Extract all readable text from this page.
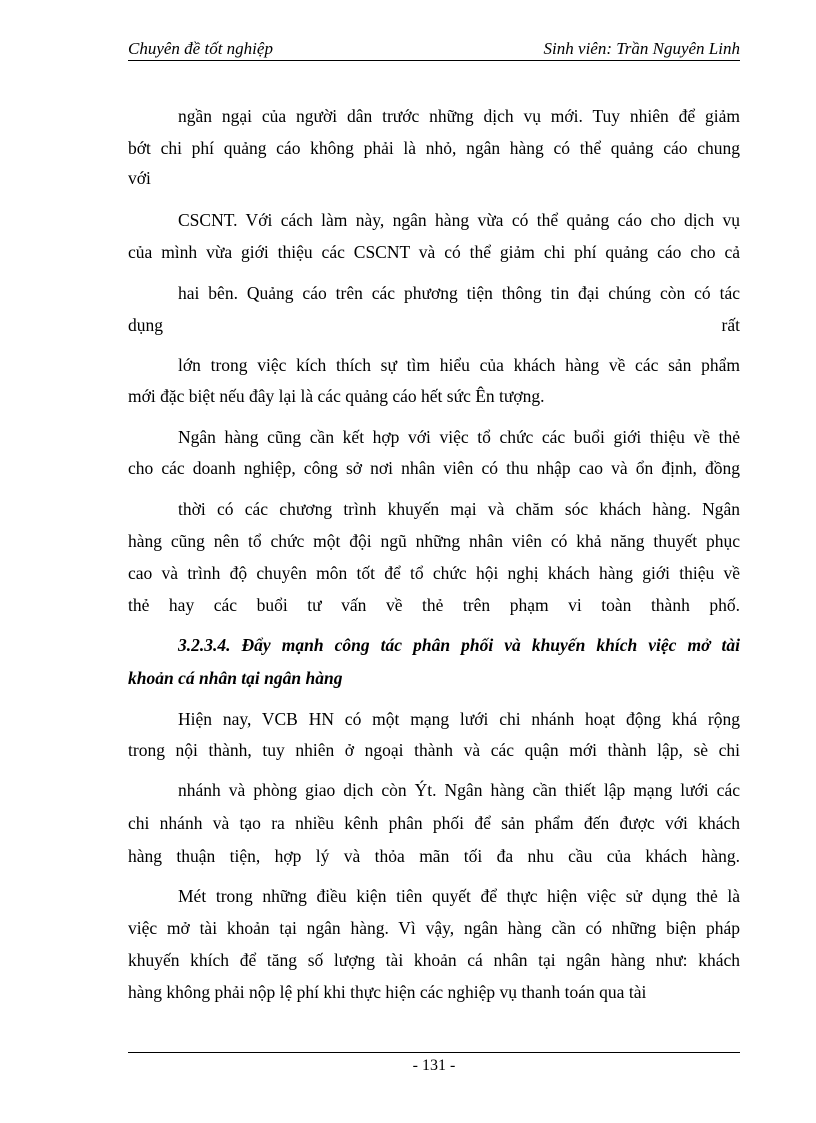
Chuyên đề tốt nghiệp	Sinh viên: Trần Nguyên Linh
ngần ngại của người dân trước những dịch vụ mới. Tuy nhiên để giảm
bớt chi phí quảng cáo không phải là nhỏ, ngân hàng có thể quảng cáo chung
với
CSCNT. Với cách làm này, ngân hàng vừa có thể quảng cáo cho dịch vụ
của mình vừa giới thiệu các CSCNT và có thể giảm chi phí quảng cáo cho cả
hai bên. Quảng cáo trên các phương tiện thông tin đại chúng còn có tác
dụng	rất
lớn trong việc kích thích sự tìm hiểu của khách hàng về các sản phẩm
mới đặc biệt nếu đây lại là các quảng cáo hết sức Ên tượng.
Ngân hàng cũng cần kết hợp với việc tổ chức các buổi giới thiệu về thẻ
cho các doanh nghiệp, công sở nơi nhân viên có thu nhập cao và ổn định, đồng
thời có các chương trình khuyến mại và chăm sóc khách hàng. Ngân
hàng cũng nên tổ chức một đội ngũ những nhân viên có khả năng thuyết phục
cao và trình độ chuyên môn tốt để tổ chức hội nghị khách hàng giới thiệu về
thẻ hay các buổi tư vấn về thẻ trên phạm vi toàn thành phố.
3.2.3.4. Đẩy mạnh công tác phân phối và khuyến khích việc mở tài
khoản cá nhân tại ngân hàng
Hiện nay, VCB HN có một mạng lưới chi nhánh hoạt động khá rộng
trong nội thành, tuy nhiên ở ngoại thành và các quận mới thành lập, sè chi
nhánh và phòng giao dịch còn Ýt. Ngân hàng cần thiết lập mạng lưới các
chi nhánh và tạo ra nhiều kênh phân phối để sản phẩm đến được với khách
hàng thuận tiện, hợp lý và thỏa mãn tối đa nhu cầu của khách hàng.
Mét trong những điều kiện tiên quyết để thực hiện việc sử dụng thẻ là
việc mở tài khoản tại ngân hàng. Vì vậy, ngân hàng cần có những biện pháp
khuyến khích để tăng số lượng tài khoản cá nhân tại ngân hàng như: khách
hàng không phải nộp lệ phí khi thực hiện các nghiệp vụ thanh toán qua tài
- 131 -
